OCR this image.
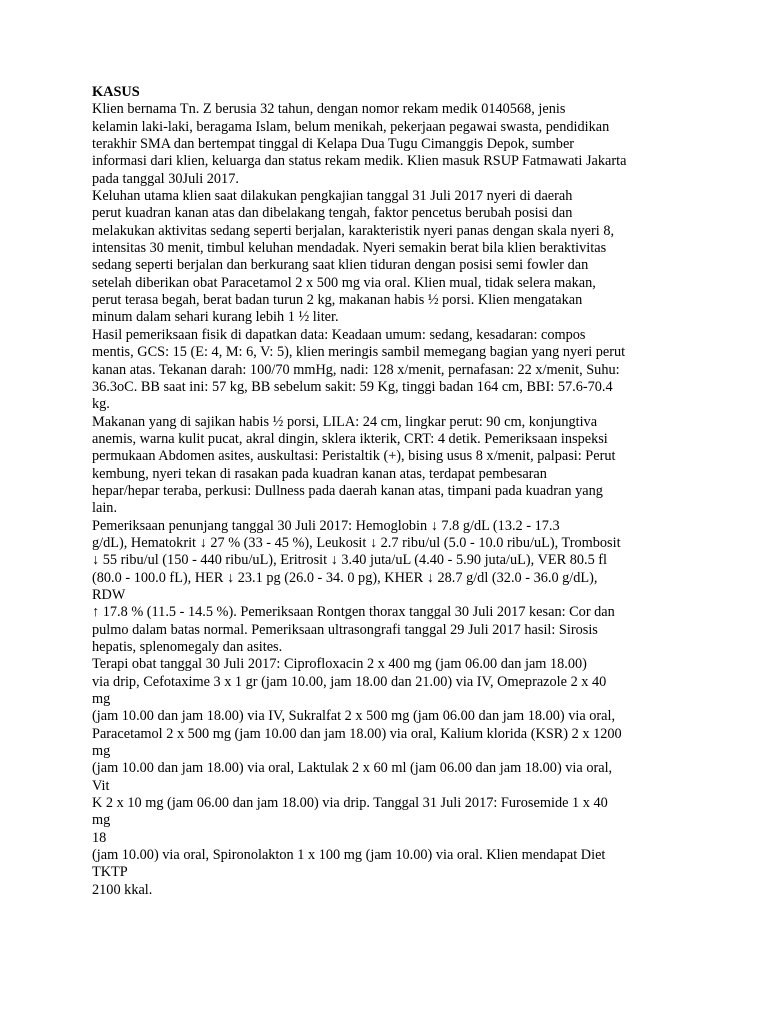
KASUS
Klien bernama Tn. Z berusia 32 tahun, dengan nomor rekam medik 0140568, jenis
kelamin laki-laki, beragama Islam, belum menikah, pekerjaan pegawai swasta, pendidikan
terakhir SMA dan bertempat tinggal di Kelapa Dua Tugu Cimanggis Depok, sumber
informasi dari klien, keluarga dan status rekam medik. Klien masuk RSUP Fatmawati Jakarta
pada tanggal 30Juli 2017.
Keluhan utama klien saat dilakukan pengkajian tanggal 31 Juli 2017 nyeri di daerah
perut kuadran kanan atas dan dibelakang tengah, faktor pencetus berubah posisi dan
melakukan aktivitas sedang seperti berjalan, karakteristik nyeri panas dengan skala nyeri 8,
intensitas 30 menit, timbul keluhan mendadak. Nyeri semakin berat bila klien beraktivitas
sedang seperti berjalan dan berkurang saat klien tiduran dengan posisi semi fowler dan
setelah diberikan obat Paracetamol 2 x 500 mg via oral. Klien mual, tidak selera makan,
perut terasa begah, berat badan turun 2 kg, makanan habis ½ porsi. Klien mengatakan
minum dalam sehari kurang lebih 1 ½ liter.
Hasil pemeriksaan fisik di dapatkan data: Keadaan umum: sedang, kesadaran: compos
mentis, GCS: 15 (E: 4, M: 6, V: 5), klien meringis sambil memegang bagian yang nyeri perut
kanan atas. Tekanan darah: 100/70 mmHg, nadi: 128 x/menit, pernafasan: 22 x/menit, Suhu:
36.3oC. BB saat ini: 57 kg, BB sebelum sakit: 59 Kg, tinggi badan 164 cm, BBI: 57.6-70.4
kg.
Makanan yang di sajikan habis ½ porsi, LILA: 24 cm, lingkar perut: 90 cm, konjungtiva
anemis, warna kulit pucat, akral dingin, sklera ikterik, CRT: 4 detik. Pemeriksaan inspeksi
permukaan Abdomen asites, auskultasi: Peristaltik (+), bising usus 8 x/menit, palpasi: Perut
kembung, nyeri tekan di rasakan pada kuadran kanan atas, terdapat pembesaran
hepar/hepar teraba, perkusi: Dullness pada daerah kanan atas, timpani pada kuadran yang
lain.
Pemeriksaan penunjang tanggal 30 Juli 2017: Hemoglobin ↓ 7.8 g/dL (13.2 - 17.3
g/dL), Hematokrit ↓ 27 % (33 - 45 %), Leukosit ↓ 2.7 ribu/ul (5.0 - 10.0 ribu/uL), Trombosit
↓ 55 ribu/ul (150 - 440 ribu/uL), Eritrosit ↓ 3.40 juta/uL (4.40 - 5.90 juta/uL), VER 80.5 fl
(80.0 - 100.0 fL), HER ↓ 23.1 pg (26.0 - 34. 0 pg), KHER ↓ 28.7 g/dl (32.0 - 36.0 g/dL),
RDW
↑ 17.8 % (11.5 - 14.5 %). Pemeriksaan Rontgen thorax tanggal 30 Juli 2017 kesan: Cor dan
pulmo dalam batas normal. Pemeriksaan ultrasongrafi tanggal 29 Juli 2017 hasil: Sirosis
hepatis, splenomegaly dan asites.
Terapi obat tanggal 30 Juli 2017: Ciprofloxacin 2 x 400 mg (jam 06.00 dan jam 18.00)
via drip, Cefotaxime 3 x 1 gr (jam 10.00, jam 18.00 dan 21.00) via IV, Omeprazole 2 x 40
mg
(jam 10.00 dan jam 18.00) via IV, Sukralfat 2 x 500 mg (jam 06.00 dan jam 18.00) via oral,
Paracetamol 2 x 500 mg (jam 10.00 dan jam 18.00) via oral, Kalium klorida (KSR) 2 x 1200
mg
(jam 10.00 dan jam 18.00) via oral, Laktulak 2 x 60 ml (jam 06.00 dan jam 18.00) via oral,
Vit
K 2 x 10 mg (jam 06.00 dan jam 18.00) via drip. Tanggal 31 Juli 2017: Furosemide 1 x 40
mg
18
(jam 10.00) via oral, Spironolakton 1 x 100 mg (jam 10.00) via oral. Klien mendapat Diet
TKTP
2100 kkal.
